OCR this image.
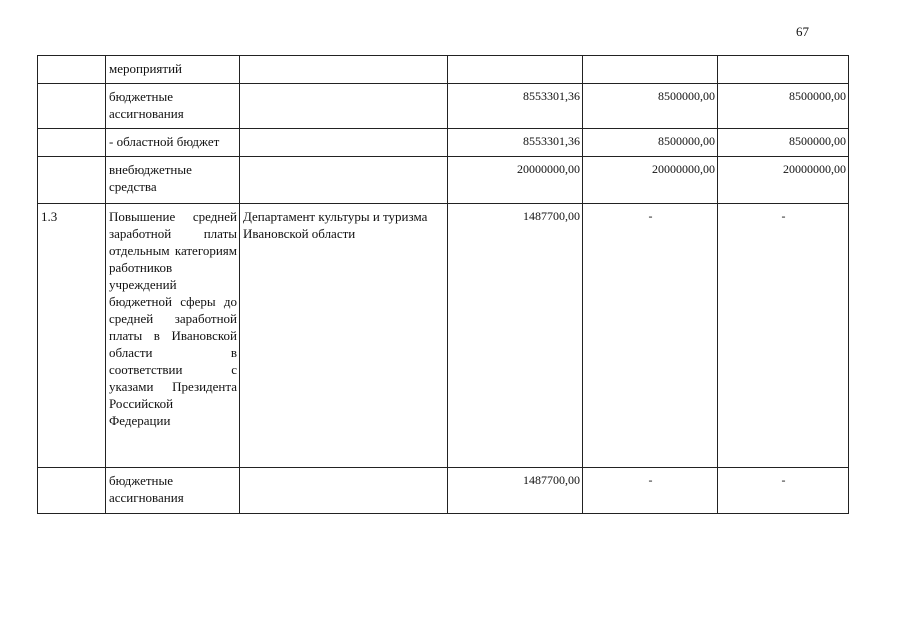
67
	мероприятий				
	бюджетные ассигнования		8553301,36	8500000,00	8500000,00
	- областной бюджет		8553301,36	8500000,00	8500000,00
	внебюджетные средства		20000000,00	20000000,00	20000000,00
1.3	Повышение средней заработной платы отдельным категориям работников учреждений бюджетной сферы до средней заработной платы в Ивановской области в соответствии с указами Президента Российской Федерации	Департамент культуры и туризма Ивановской области	1487700,00	-	-
	бюджетные ассигнования		1487700,00	-	-
